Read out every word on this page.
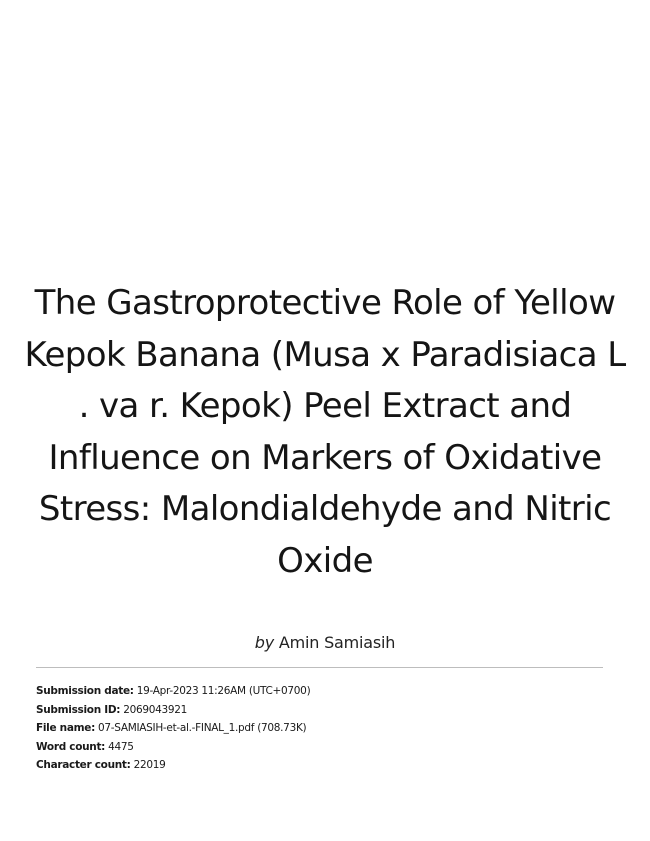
The Gastroprotective Role of Yellow Kepok Banana (Musa x Paradisiaca L . va r. Kepok) Peel Extract and Influence on Markers of Oxidative Stress: Malondialdehyde and Nitric Oxide
by Amin Samiasih
Submission date: 19-Apr-2023 11:26AM (UTC+0700)
Submission ID: 2069043921
File name: 07-SAMIASIH-et-al.-FINAL_1.pdf (708.73K)
Word count: 4475
Character count: 22019
